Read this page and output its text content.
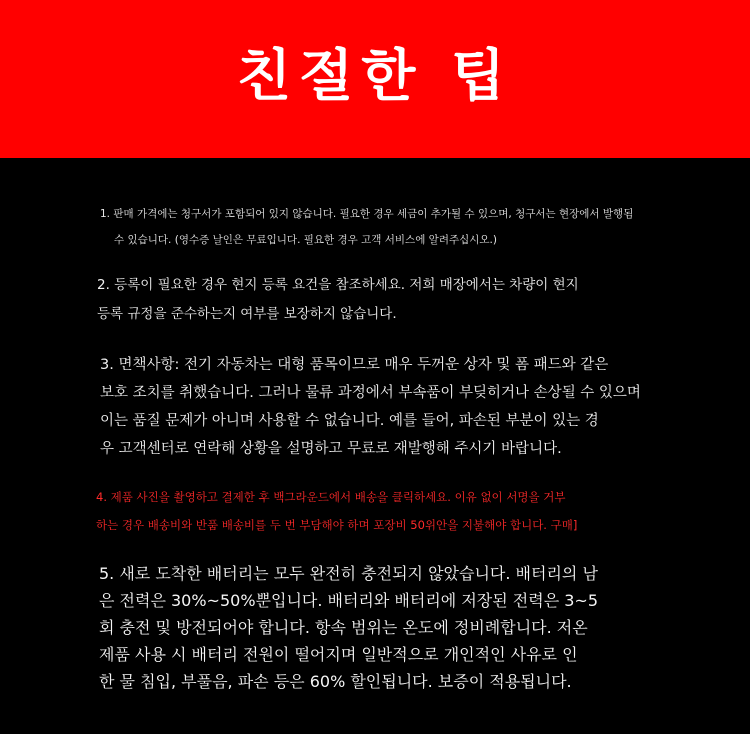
친절한 팁
1. 판매 가격에는 청구서가 포함되어 있지 않습니다. 필요한 경우 세금이 추가될 수 있으며, 청구서는 현장에서 발행됨
수 있습니다. (영수증 날인은 무료입니다. 필요한 경우 고객 서비스에 알려주십시오.)
2. 등록이 필요한 경우 현지 등록 요건을 참조하세요. 저희 매장에서는 차량이 현지
등록 규정을 준수하는지 여부를 보장하지 않습니다.
3. 면책사항: 전기 자동차는 대형 품목이므로 매우 두꺼운 상자 및 폼 패드와 같은
보호 조치를 취했습니다. 그러나 물류 과정에서 부속품이 부딪히거나 손상될 수 있으며
이는 품질 문제가 아니며 사용할 수 없습니다. 예를 들어, 파손된 부분이 있는 경
우 고객센터로 연락해 상황을 설명하고 무료로 재발행해 주시기 바랍니다.
4. 제품 사진을 촬영하고 결제한 후 백그라운드에서 배송을 클릭하세요. 이유 없이 서명을 거부
하는 경우 배송비와 반품 배송비를 두 번 부담해야 하며 포장비 50위안을 지불해야 합니다. 구매]
5. 새로 도착한 배터리는 모두 완전히 충전되지 않았습니다. 배터리의 남
은 전력은 30%~50%뿐입니다. 배터리와 배터리에 저장된 전력은 3~5
회 충전 및 방전되어야 합니다. 항속 범위는 온도에 정비례합니다. 저온
제품 사용 시 배터리 전원이 떨어지며 일반적으로 개인적인 사유로 인
한 물 침입, 부풀음, 파손 등은 60% 할인됩니다. 보증이 적용됩니다.
